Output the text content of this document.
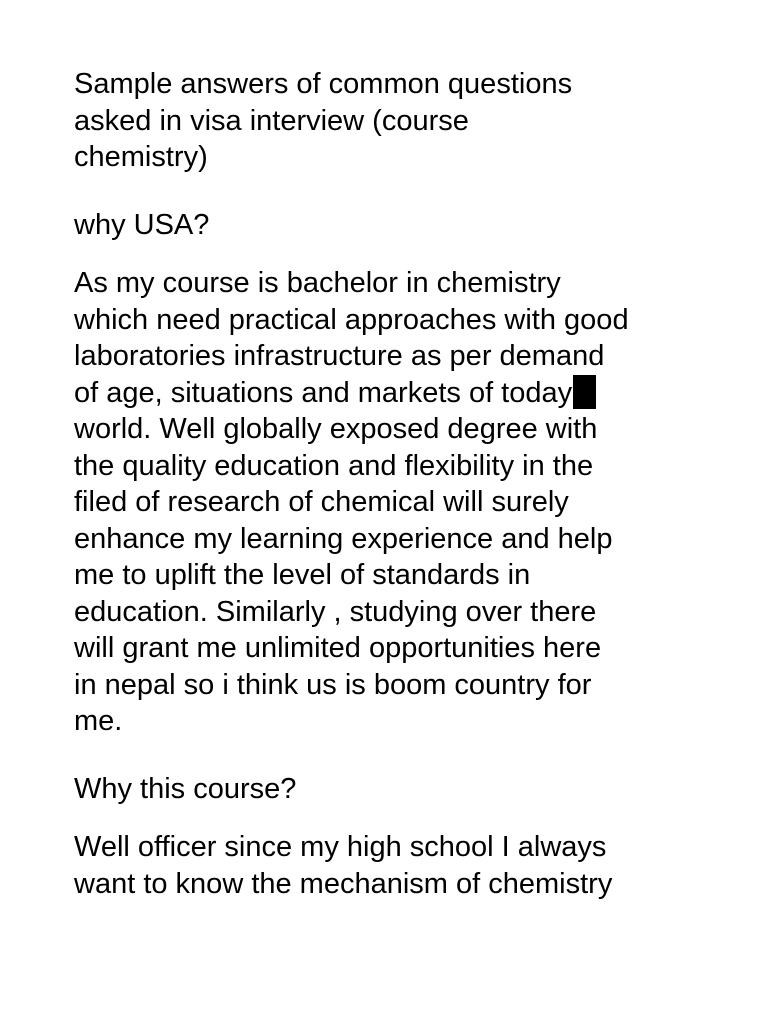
Sample answers of common questions
asked in visa interview (course
chemistry)
why USA?
As my course is bachelor in chemistry
which need practical approaches with good
laboratories infrastructure as per demand
of age, situations and markets of today
world. Well globally exposed degree with
the quality education and flexibility in the
filed of research of chemical will surely
enhance my learning experience and help
me to uplift the level of standards in
education. Similarly , studying over there
will grant me unlimited opportunities here
in nepal so i think us is boom country for
me.
Why this course?
Well officer since my high school I always
want to know the mechanism of chemistry
